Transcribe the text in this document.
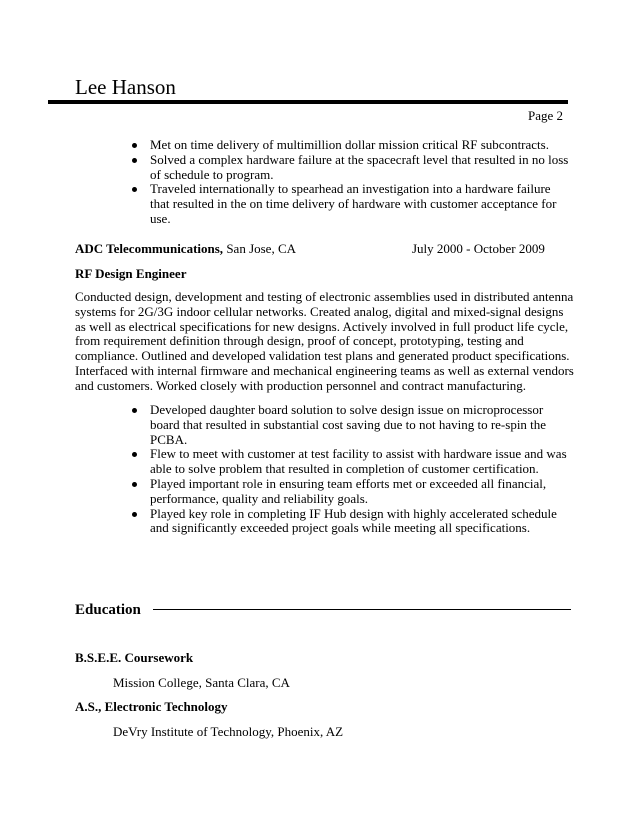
Lee Hanson
Page 2
Met on time delivery of multimillion dollar mission critical RF subcontracts.
Solved a complex hardware failure at the spacecraft level that resulted in no loss of schedule to program.
Traveled internationally to spearhead an investigation into a hardware failure that resulted in the on time delivery of hardware with customer acceptance for use.
ADC Telecommunications, San Jose, CA	July 2000 - October 2009
RF Design Engineer
Conducted design, development and testing of electronic assemblies used in distributed antenna systems for 2G/3G indoor cellular networks. Created analog, digital and mixed-signal designs as well as electrical specifications for new designs. Actively involved in full product life cycle, from requirement definition through design, proof of concept, prototyping, testing and compliance. Outlined and developed validation test plans and generated product specifications. Interfaced with internal firmware and mechanical engineering teams as well as external vendors and customers. Worked closely with production personnel and contract manufacturing.
Developed daughter board solution to solve design issue on microprocessor board that resulted in substantial cost saving due to not having to re-spin the PCBA.
Flew to meet with customer at test facility to assist with hardware issue and was able to solve problem that resulted in completion of customer certification.
Played important role in ensuring team efforts met or exceeded all financial, performance, quality and reliability goals.
Played key role in completing IF Hub design with highly accelerated schedule and significantly exceeded project goals while meeting all specifications.
Education
B.S.E.E. Coursework
Mission College, Santa Clara, CA
A.S., Electronic Technology
DeVry Institute of Technology, Phoenix, AZ
